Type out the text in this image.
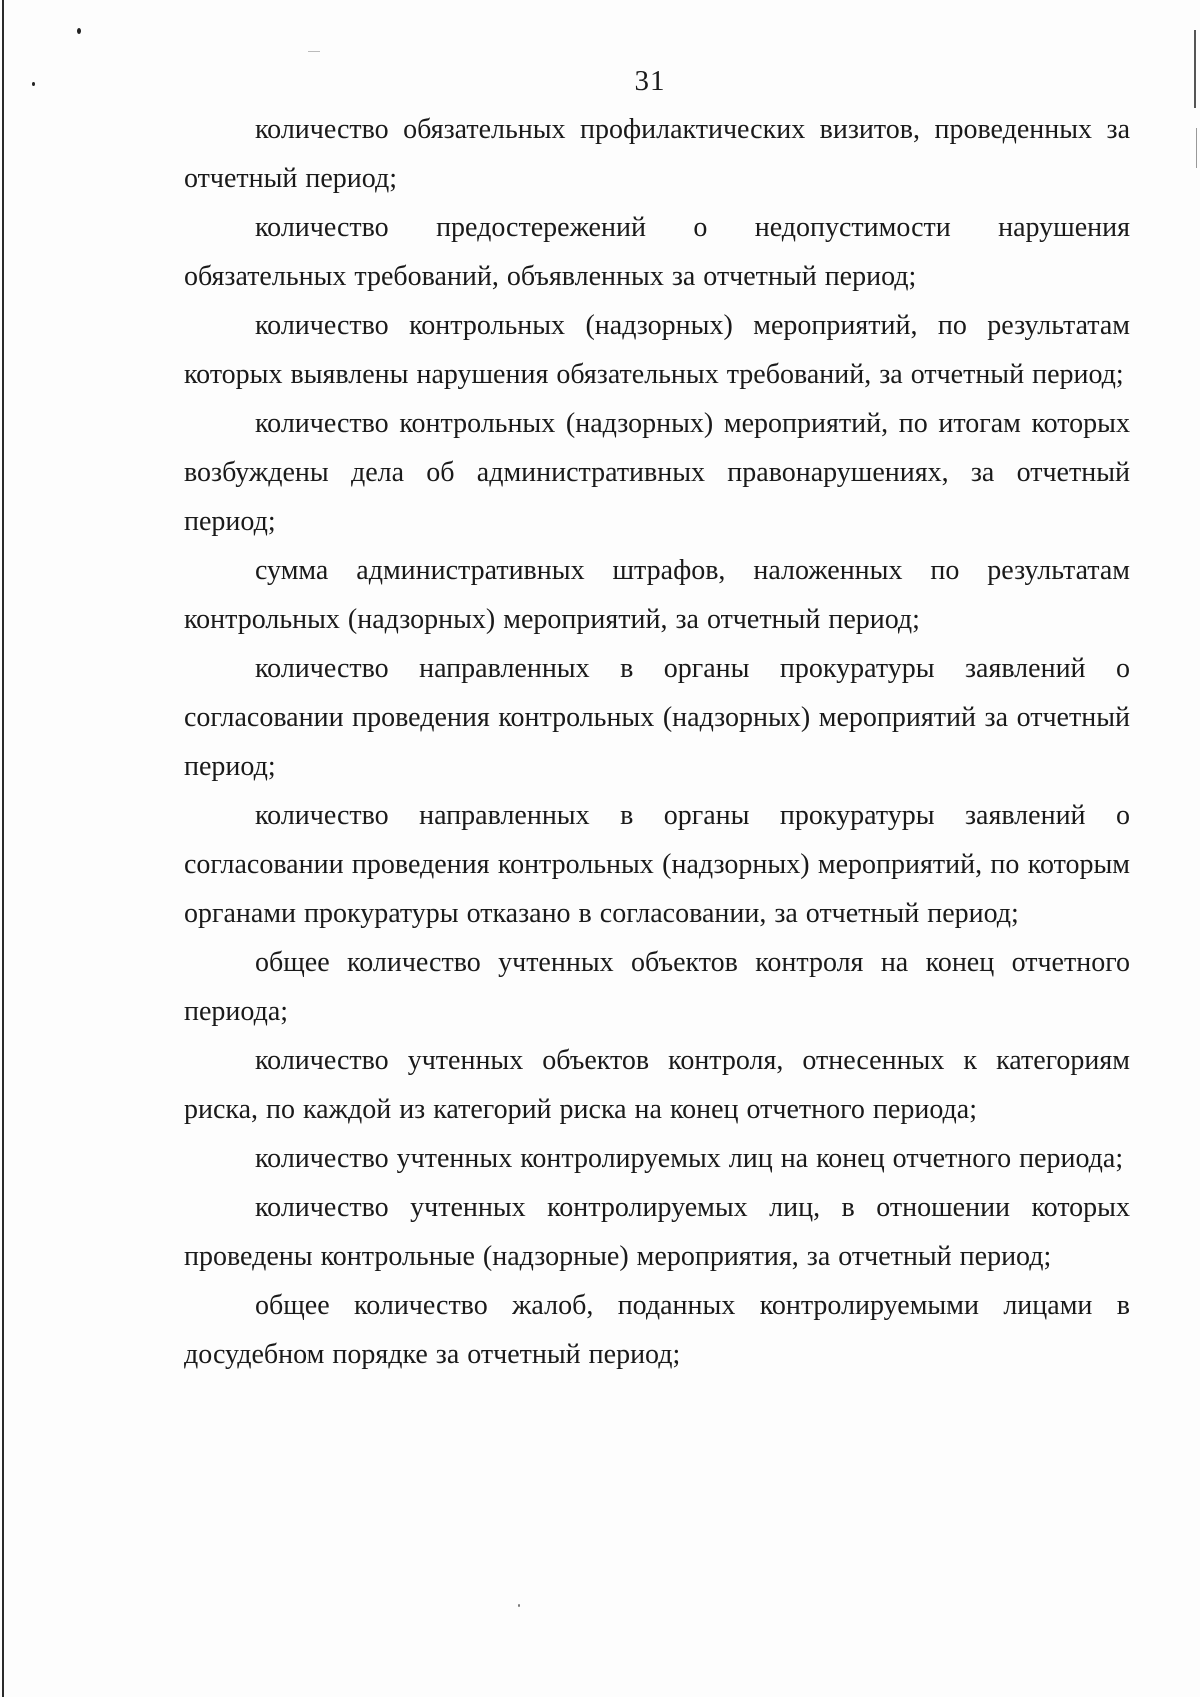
31

количество обязательных профилактических визитов, проведенных за отчетный период;

количество предостережений о недопустимости нарушения обязательных требований, объявленных за отчетный период;

количество контрольных (надзорных) мероприятий, по результатам которых выявлены нарушения обязательных требований, за отчетный период;

количество контрольных (надзорных) мероприятий, по итогам которых возбуждены дела об административных правонарушениях, за отчетный период;

сумма административных штрафов, наложенных по результатам контрольных (надзорных) мероприятий, за отчетный период;

количество направленных в органы прокуратуры заявлений о согласовании проведения контрольных (надзорных) мероприятий за отчетный период;

количество направленных в органы прокуратуры заявлений о согласовании проведения контрольных (надзорных) мероприятий, по которым органами прокуратуры отказано в согласовании, за отчетный период;

общее количество учтенных объектов контроля на конец отчетного периода;

количество учтенных объектов контроля, отнесенных к категориям риска, по каждой из категорий риска на конец отчетного периода;

количество учтенных контролируемых лиц на конец отчетного периода;

количество учтенных контролируемых лиц, в отношении которых проведены контрольные (надзорные) мероприятия, за отчетный период;

общее количество жалоб, поданных контролируемыми лицами в досудебном порядке за отчетный период;
